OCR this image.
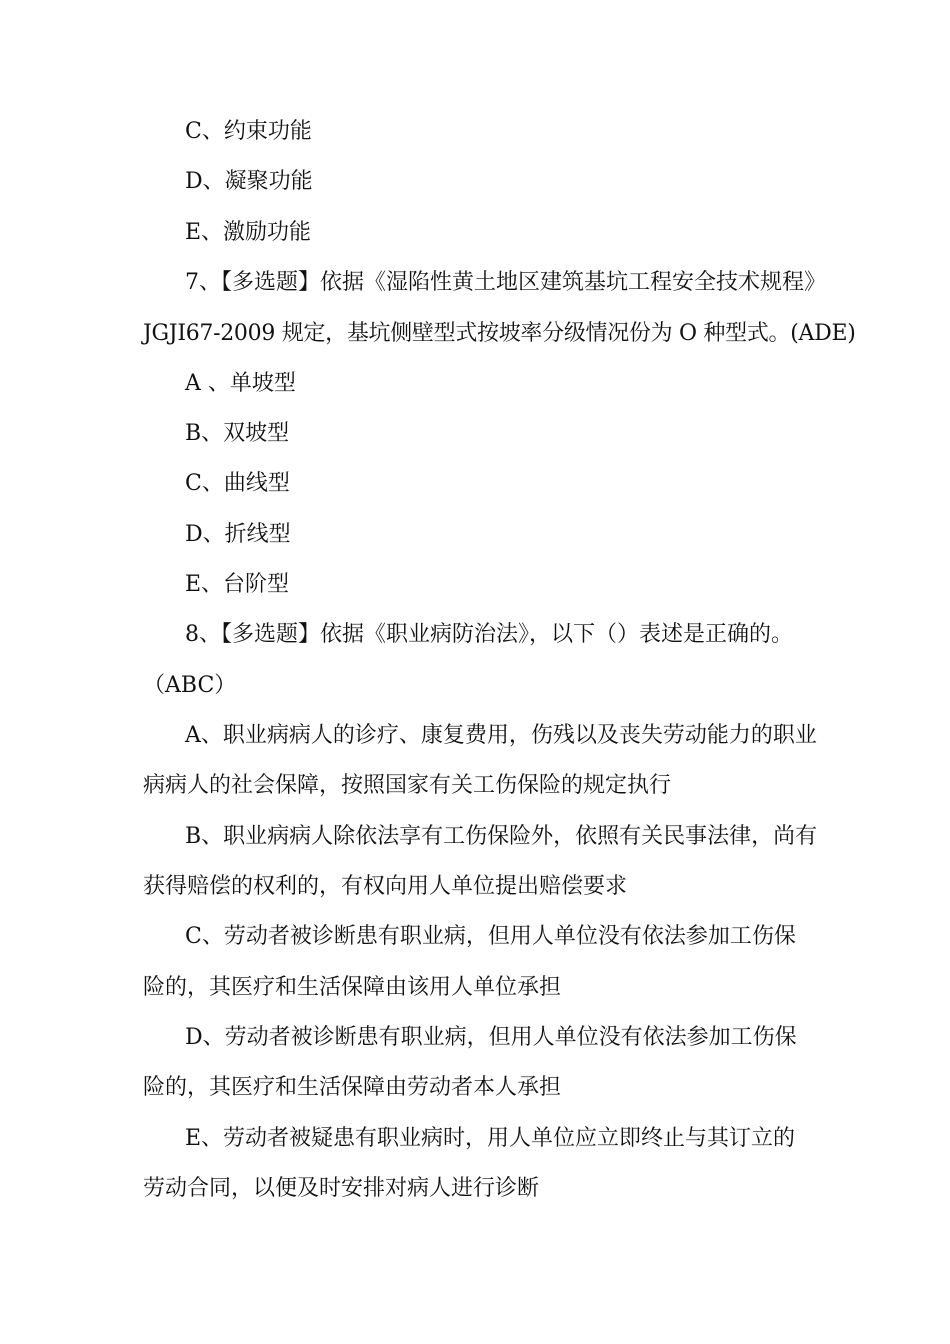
C、约束功能
D、凝聚功能
E、激励功能
7、【多选题】依据《湿陷性黄土地区建筑基坑工程安全技术规程》
JGJI67-2009 规定，基坑侧壁型式按坡率分级情况份为 O 种型式。(ADE)
A 、单坡型
B、双坡型
C、曲线型
D、折线型
E、台阶型
8、【多选题】依据《职业病防治法》，以下（）表述是正确的。
（ABC）
A、职业病病人的诊疗、康复费用，伤残以及丧失劳动能力的职业
病病人的社会保障，按照国家有关工伤保险的规定执行
B、职业病病人除依法享有工伤保险外，依照有关民事法律，尚有
获得赔偿的权利的，有权向用人单位提出赔偿要求
C、劳动者被诊断患有职业病，但用人单位没有依法参加工伤保
险的，其医疗和生活保障由该用人单位承担
D、劳动者被诊断患有职业病，但用人单位没有依法参加工伤保
险的，其医疗和生活保障由劳动者本人承担
E、劳动者被疑患有职业病时，用人单位应立即终止与其订立的
劳动合同，以便及时安排对病人进行诊断
